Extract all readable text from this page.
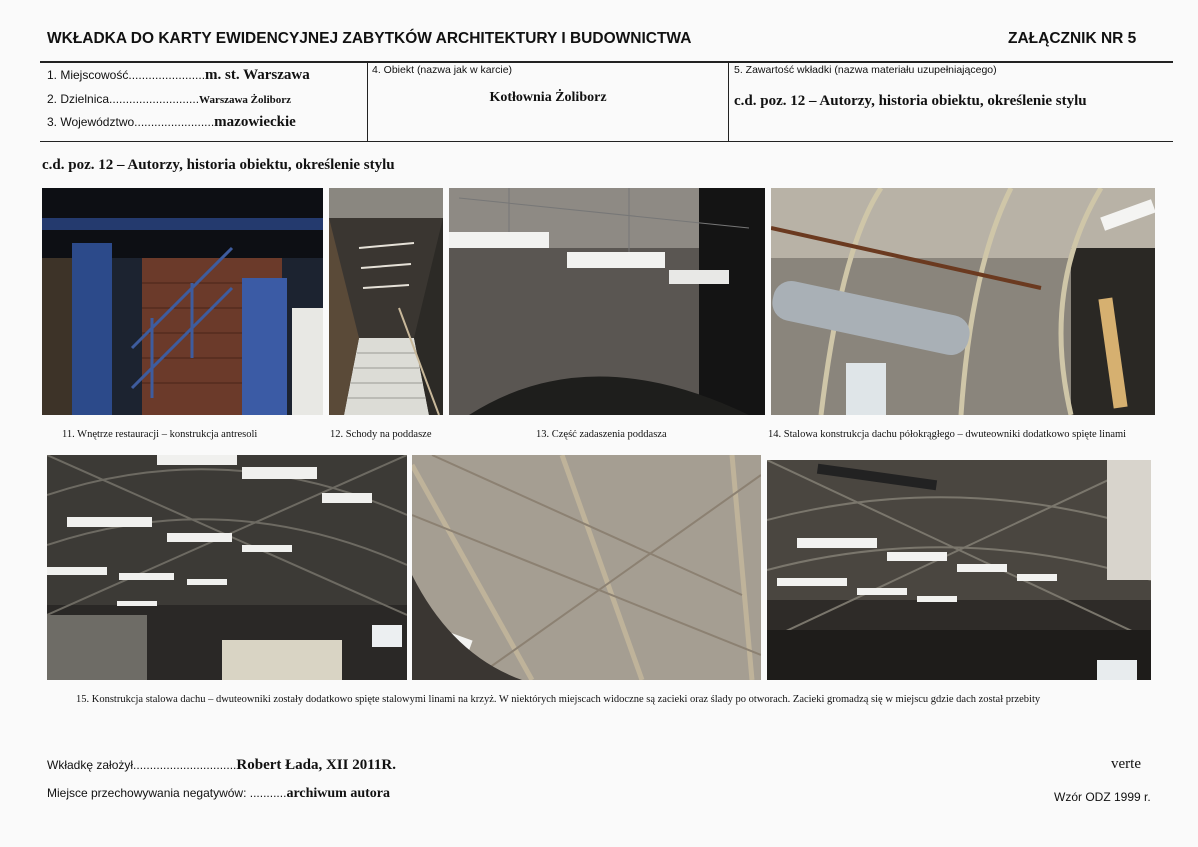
WKŁADKA DO KARTY EWIDENCYJNEJ ZABYTKÓW ARCHITEKTURY I BUDOWNICTWA	ZAŁĄCZNIK NR 5
1. Miejscowość.......................m. st. Warszawa
2. Dzielnica...........................Warszawa Żoliborz
3. Województwo........................mazowieckie
4. Obiekt (nazwa jak w karcie)
Kotłownia Żoliborz
5. Zawartość wkładki (nazwa materiału uzupełniającego)
c.d. poz. 12 – Autorzy, historia obiektu, określenie stylu
c.d. poz. 12 – Autorzy, historia obiektu, określenie stylu
11. Wnętrze restauracji – konstrukcja antresoli	12. Schody na poddasze	13. Część zadaszenia poddasza	14. Stalowa konstrukcja dachu półokrągłego – dwuteowniki dodatkowo spięte linami
15. Konstrukcja stalowa dachu – dwuteowniki zostały dodatkowo spięte stalowymi linami na krzyż. W niektórych miejscach widoczne są zacieki oraz ślady po otworach. Zacieki gromadzą się w miejscu gdzie dach został przebity
Wkładkę założył...............................Robert Łada, XII 2011R.
Miejsce przechowywania negatywów: ...........archiwum autora
verte
Wzór ODZ 1999 r.
